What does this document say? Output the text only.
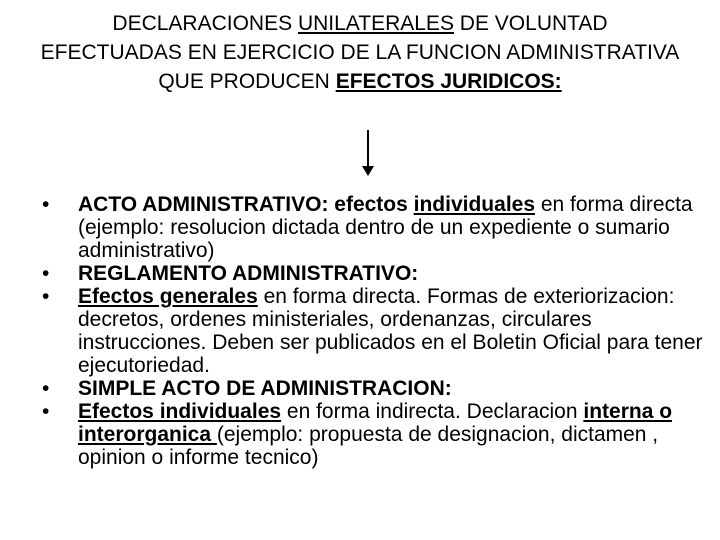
DECLARACIONES UNILATERALES DE VOLUNTAD EFECTUADAS EN EJERCICIO DE LA FUNCION ADMINISTRATIVA QUE PRODUCEN EFECTOS JURIDICOS:
•	ACTO ADMINISTRATIVO: efectos individuales en forma directa (ejemplo: resolucion dictada dentro de un expediente o sumario administrativo)
•	REGLAMENTO ADMINISTRATIVO:
•	Efectos generales en forma directa. Formas de exteriorizacion: decretos, ordenes ministeriales, ordenanzas, circulares instrucciones. Deben ser publicados en el Boletin Oficial para tener ejecutoriedad.
•	SIMPLE ACTO DE ADMINISTRACION:
•	Efectos individuales en forma indirecta. Declaracion interna o interorganica (ejemplo: propuesta de designacion, dictamen , opinion o informe tecnico)
